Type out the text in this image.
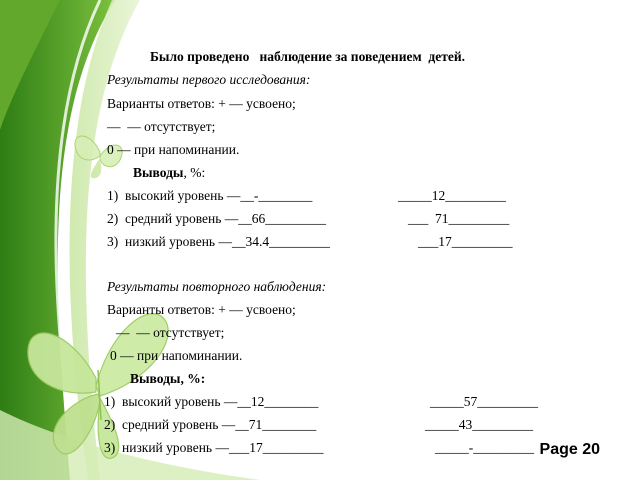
Было проведено   наблюдение за поведением  детей.
Результаты первого исследования:
Варианты ответов: + — усвоено;
—  — отсутствует;
0 — при напоминании.
Выводы, %:
1)  высокий уровень —__-________	_____12_________
2)  средний уровень —__66_________	___  71_________
3)  низкий уровень —__34.4_________	___17_________
Результаты повторного наблюдения:
Варианты ответов: + — усвоено;
—  — отсутствует;
0 — при напоминании.
Выводы, %:
1)  высокий уровень —__12________	_____57_________
2)  средний уровень —__71________	_____43_________
3)  низкий уровень —___17_________	_____-_________ Page 20
